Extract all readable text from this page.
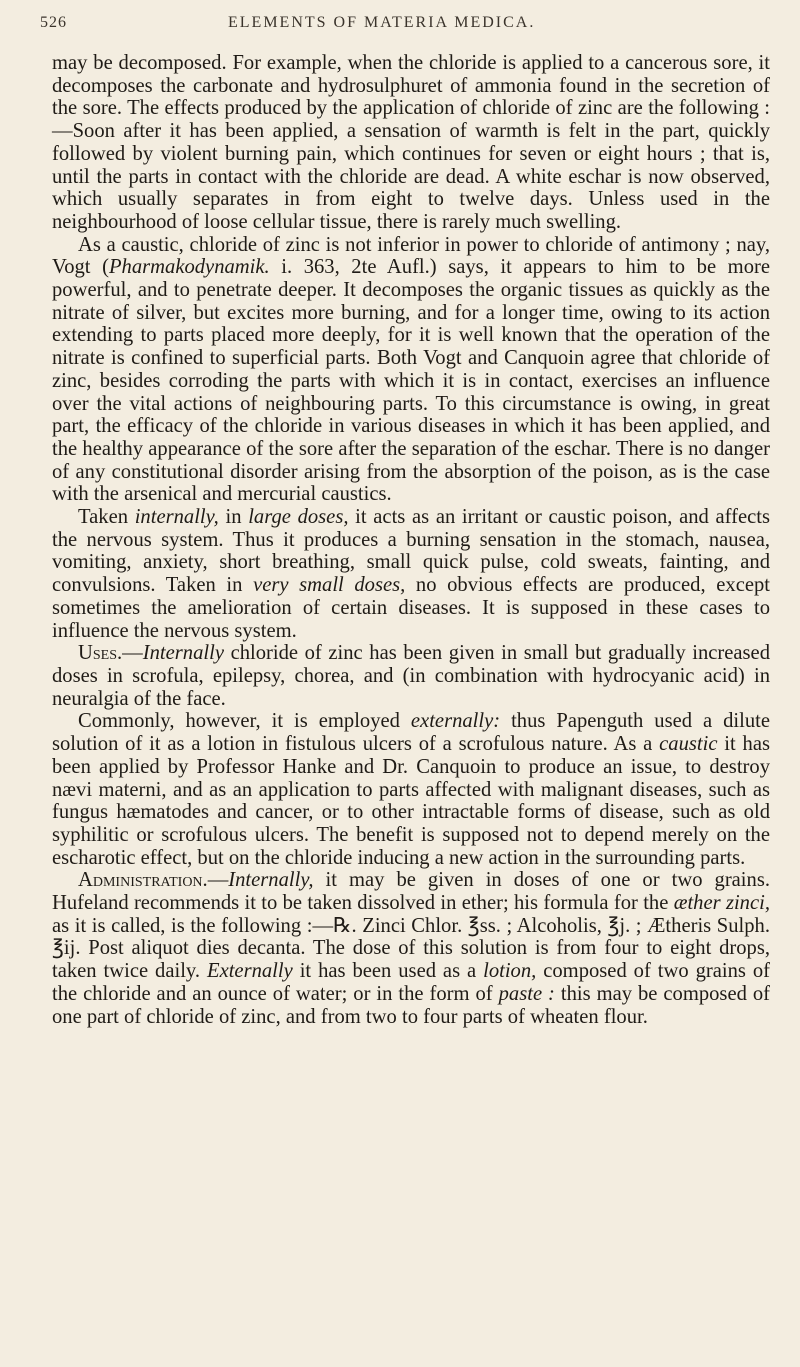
526	ELEMENTS OF MATERIA MEDICA.

may be decomposed. For example, when the chloride is applied to a cancerous sore, it decomposes the carbonate and hydrosulphuret of ammonia found in the secretion of the sore. The effects produced by the application of chloride of zinc are the following :—Soon after it has been applied, a sensation of warmth is felt in the part, quickly followed by violent burning pain, which continues for seven or eight hours ; that is, until the parts in contact with the chloride are dead. A white eschar is now observed, which usually separates in from eight to twelve days. Unless used in the neighbourhood of loose cellular tissue, there is rarely much swelling.

As a caustic, chloride of zinc is not inferior in power to chloride of antimony ; nay, Vogt (Pharmakodynamik. i. 363, 2te Aufl.) says, it appears to him to be more powerful, and to penetrate deeper. It decomposes the organic tissues as quickly as the nitrate of silver, but excites more burning, and for a longer time, owing to its action extending to parts placed more deeply, for it is well known that the operation of the nitrate is confined to superficial parts. Both Vogt and Canquoin agree that chloride of zinc, besides corroding the parts with which it is in contact, exercises an influence over the vital actions of neighbouring parts. To this circumstance is owing, in great part, the efficacy of the chloride in various diseases in which it has been applied, and the healthy appearance of the sore after the separation of the eschar. There is no danger of any constitutional disorder arising from the absorption of the poison, as is the case with the arsenical and mercurial caustics.

Taken internally, in large doses, it acts as an irritant or caustic poison, and affects the nervous system. Thus it produces a burning sensation in the stomach, nausea, vomiting, anxiety, short breathing, small quick pulse, cold sweats, fainting, and convulsions. Taken in very small doses, no obvious effects are produced, except sometimes the amelioration of certain diseases. It is supposed in these cases to influence the nervous system.

Uses.—Internally chloride of zinc has been given in small but gradually increased doses in scrofula, epilepsy, chorea, and (in combination with hydrocyanic acid) in neuralgia of the face.

Commonly, however, it is employed externally: thus Papenguth used a dilute solution of it as a lotion in fistulous ulcers of a scrofulous nature. As a caustic it has been applied by Professor Hanke and Dr. Canquoin to produce an issue, to destroy nævi materni, and as an application to parts affected with malignant diseases, such as fungus hæmatodes and cancer, or to other intractable forms of disease, such as old syphilitic or scrofulous ulcers. The benefit is supposed not to depend merely on the escharotic effect, but on the chloride inducing a new action in the surrounding parts.

Administration.—Internally, it may be given in doses of one or two grains. Hufeland recommends it to be taken dissolved in ether; his formula for the æther zinci, as it is called, is the following :—℞. Zinci Chlor. ℥ss. ; Alcoholis, ℥j. ; Ætheris Sulph. ℥ij. Post aliquot dies decanta. The dose of this solution is from four to eight drops, taken twice daily. Externally it has been used as a lotion, composed of two grains of the chloride and an ounce of water; or in the form of paste : this may be composed of one part of chloride of zinc, and from two to four parts of wheaten flour.
